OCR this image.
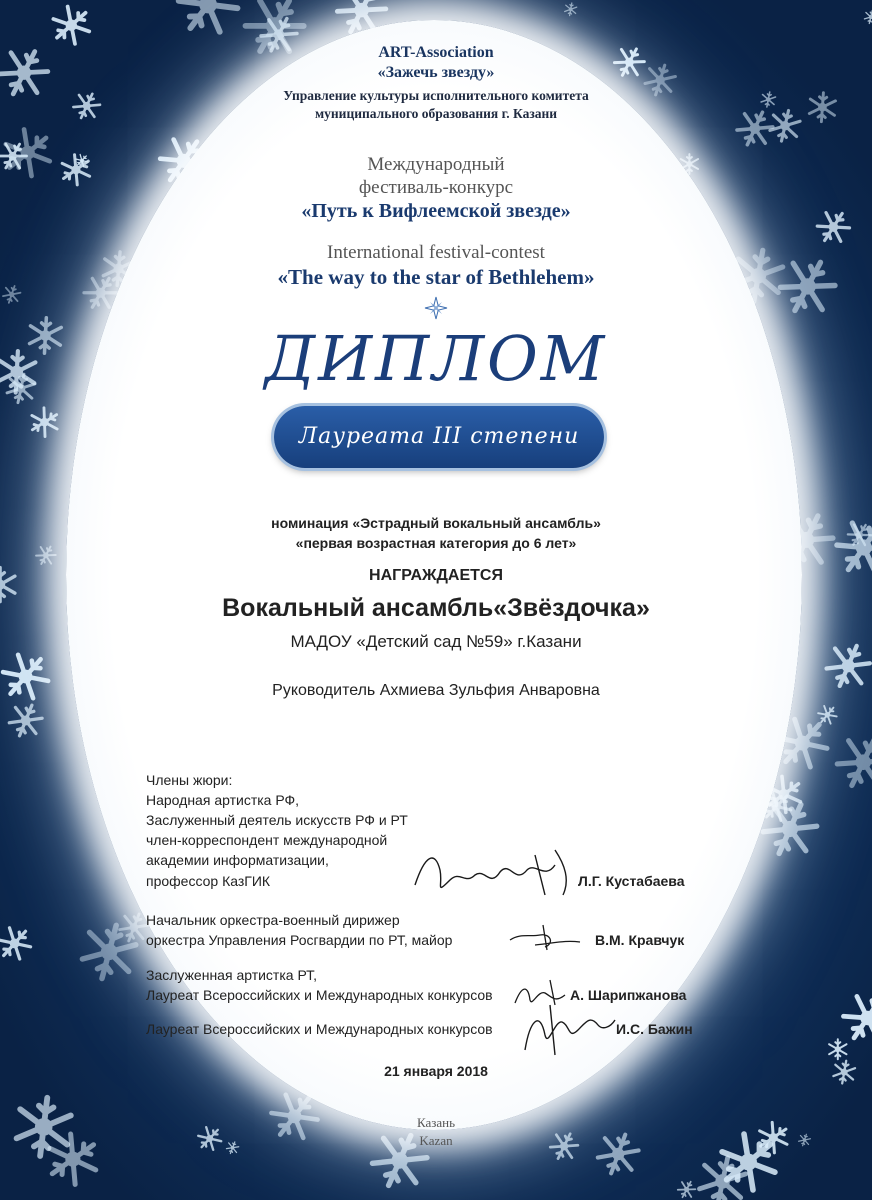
ART-Association
«Зажечь звезду»
Управление культуры исполнительного комитета
муниципального образования г. Казани
Международный
фестиваль-конкурс
«Путь к Вифлеемской звезде»
International festival-contest
«The way to the star of Bethlehem»
ДИПЛОМ
Лауреата III степени
номинация «Эстрадный вокальный ансамбль»
«первая возрастная категория до 6 лет»
НАГРАЖДАЕТСЯ
Вокальный ансамбль«Звёздочка»
МАДОУ «Детский сад №59» г.Казани
Руководитель Ахмиева Зульфия Анваровна
Члены жюри:
Народная артистка РФ,
Заслуженный деятель искусств РФ и РТ
член-корреспондент международной
академии информатизации,
профессор КазГИК	Л.Г. Кустабаева
Начальник оркестра-военный дирижер
оркестра Управления Росгвардии по РТ, майор	В.М. Кравчук
Заслуженная артистка РТ,
Лауреат Всероссийских и Международных конкурсов	А. Шарипжанова
Лауреат Всероссийских и Международных конкурсов	И.С. Бажин
21 января 2018
Казань
Kazan
